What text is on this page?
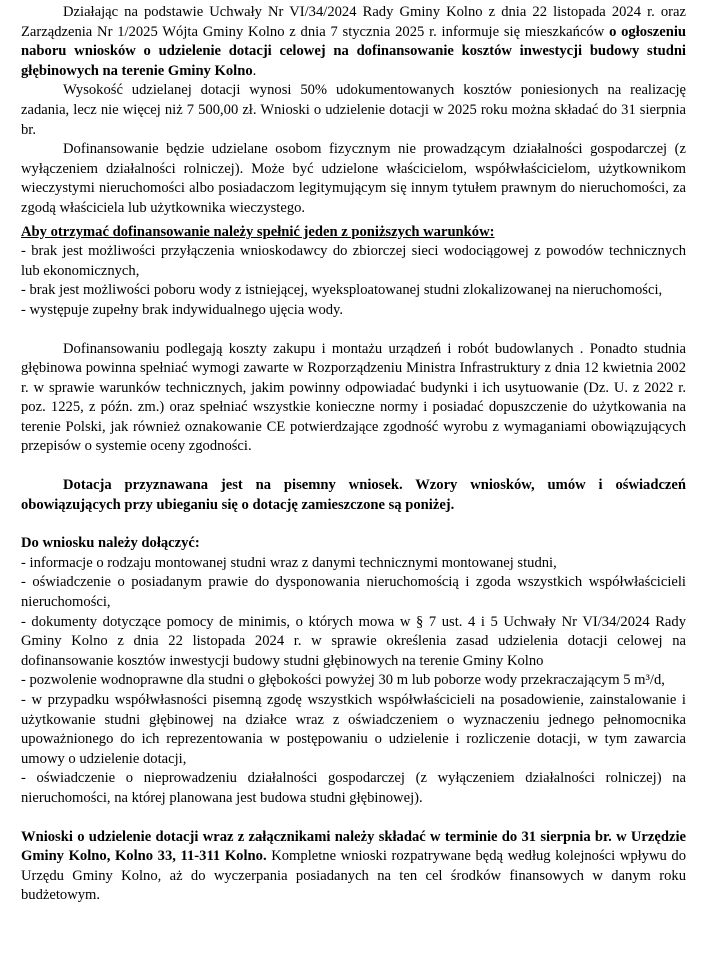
Działając na podstawie Uchwały Nr VI/34/2024 Rady Gminy Kolno z dnia 22 listopada 2024 r. oraz Zarządzenia Nr 1/2025 Wójta Gminy Kolno z dnia 7 stycznia 2025 r. informuje się mieszkańców o ogłoszeniu naboru wniosków o udzielenie dotacji celowej na dofinansowanie kosztów inwestycji budowy studni głębinowych na terenie Gminy Kolno.

Wysokość udzielanej dotacji wynosi 50% udokumentowanych kosztów poniesionych na realizację zadania, lecz nie więcej niż 7 500,00 zł. Wnioski o udzielenie dotacji w 2025 roku można składać do 31 sierpnia br.

Dofinansowanie będzie udzielane osobom fizycznym nie prowadzącym działalności gospodarczej (z wyłączeniem działalności rolniczej). Może być udzielone właścicielom, współwłaścicielom, użytkownikom wieczystymi nieruchomości albo posiadaczom legitymującym się innym tytułem prawnym do nieruchomości, za zgodą właściciela lub użytkownika wieczystego.

Aby otrzymać dofinansowanie należy spełnić jeden z poniższych warunków:

- brak jest możliwości przyłączenia wnioskodawcy do zbiorczej sieci wodociągowej z powodów technicznych lub ekonomicznych,

- brak jest możliwości poboru wody z istniejącej, wyeksploatowanej studni zlokalizowanej na nieruchomości,

- występuje zupełny brak indywidualnego ujęcia wody.

Dofinansowaniu podlegają koszty zakupu i montażu urządzeń i robót budowlanych . Ponadto studnia głębinowa powinna spełniać wymogi zawarte w Rozporządzeniu Ministra Infrastruktury z dnia 12 kwietnia 2002 r. w sprawie warunków technicznych, jakim powinny odpowiadać budynki i ich usytuowanie (Dz. U. z 2022 r. poz. 1225, z późn. zm.) oraz spełniać wszystkie konieczne normy i posiadać dopuszczenie do użytkowania na terenie Polski, jak również oznakowanie CE potwierdzające zgodność wyrobu z wymaganiami obowiązujących przepisów o systemie oceny zgodności.

Dotacja przyznawana jest na pisemny wniosek. Wzory wniosków, umów i oświadczeń obowiązujących przy ubieganiu się o dotację zamieszczone są poniżej.

Do wniosku należy dołączyć:

- informacje o rodzaju montowanej studni wraz z danymi technicznymi montowanej studni,

- oświadczenie o posiadanym prawie do dysponowania nieruchomością i zgoda wszystkich współwłaścicieli nieruchomości,

- dokumenty dotyczące pomocy de minimis, o których mowa w § 7 ust. 4 i 5 Uchwały Nr VI/34/2024 Rady Gminy Kolno z dnia 22 listopada 2024 r. w sprawie określenia zasad udzielenia dotacji celowej na dofinansowanie kosztów inwestycji budowy studni głębinowych na terenie Gminy Kolno

- pozwolenie wodnoprawne dla studni o głębokości powyżej 30 m lub poborze wody przekraczającym 5 m³/d,

- w przypadku współwłasności pisemną zgodę wszystkich współwłaścicieli na posadowienie, zainstalowanie i użytkowanie studni głębinowej na działce wraz z oświadczeniem o wyznaczeniu jednego pełnomocnika upoważnionego do ich reprezentowania w postępowaniu o udzielenie i rozliczenie dotacji, w tym zawarcia umowy o udzielenie dotacji,

- oświadczenie o nieprowadzeniu działalności gospodarczej (z wyłączeniem działalności rolniczej) na nieruchomości, na której planowana jest budowa studni głębinowej).

Wnioski o udzielenie dotacji wraz z załącznikami należy składać w terminie do 31 sierpnia br. w Urzędzie Gminy Kolno, Kolno 33, 11-311 Kolno. Kompletne wnioski rozpatrywane będą według kolejności wpływu do Urzędu Gminy Kolno, aż do wyczerpania posiadanych na ten cel środków finansowych w danym roku budżetowym.
